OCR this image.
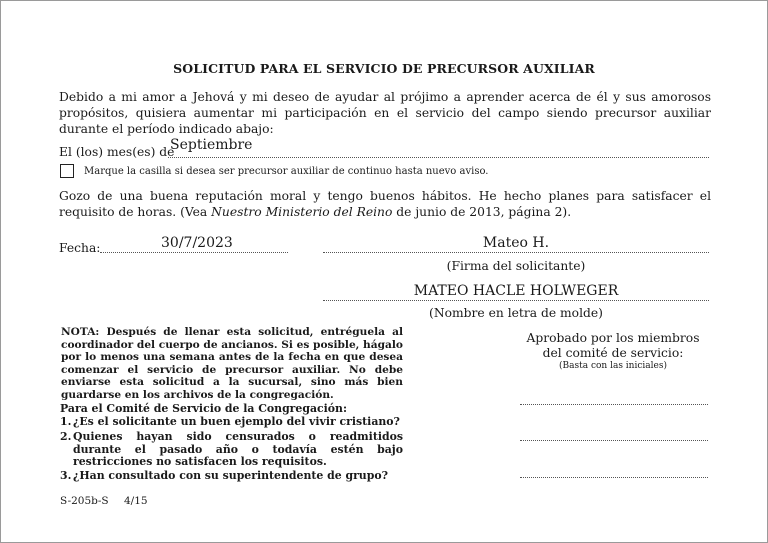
SOLICITUD PARA EL SERVICIO DE PRECURSOR AUXILIAR
Debido a mi amor a Jehová y mi deseo de ayudar al prójimo a aprender acerca de él y sus amorosos propósitos, quisiera aumentar mi participación en el servicio del campo siendo precursor auxiliar durante el período indicado abajo:
El (los) mes(es) de
Septiembre
Marque la casilla si desea ser precursor auxiliar de continuo hasta nuevo aviso.
Gozo de una buena reputación moral y tengo buenos hábitos. He hecho planes para satisfacer el requisito de horas. (Vea Nuestro Ministerio del Reino de junio de 2013, página 2).
Fecha:	30/7/2023	Mateo H.
(Firma del solicitante)
MATEO HACLE HOLWEGER
(Nombre en letra de molde)
NOTA: Después de llenar esta solicitud, entréguela al coordinador del cuerpo de ancianos. Si es posible, hágalo por lo menos una semana antes de la fecha en que desea comenzar el servicio de precursor auxiliar. No debe enviarse esta solicitud a la sucursal, sino más bien guardarse en los archivos de la congregación.
Aprobado por los miembros
del comité de servicio:
(Basta con las iniciales)
Para el Comité de Servicio de la Congregación:
1. ¿Es el solicitante un buen ejemplo del vivir cristiano?
2. Quienes hayan sido censurados o readmitidos durante el pasado año o todavía estén bajo restricciones no satisfacen los requisitos.
3. ¿Han consultado con su superintendente de grupo?
S-205b-S 4/15
